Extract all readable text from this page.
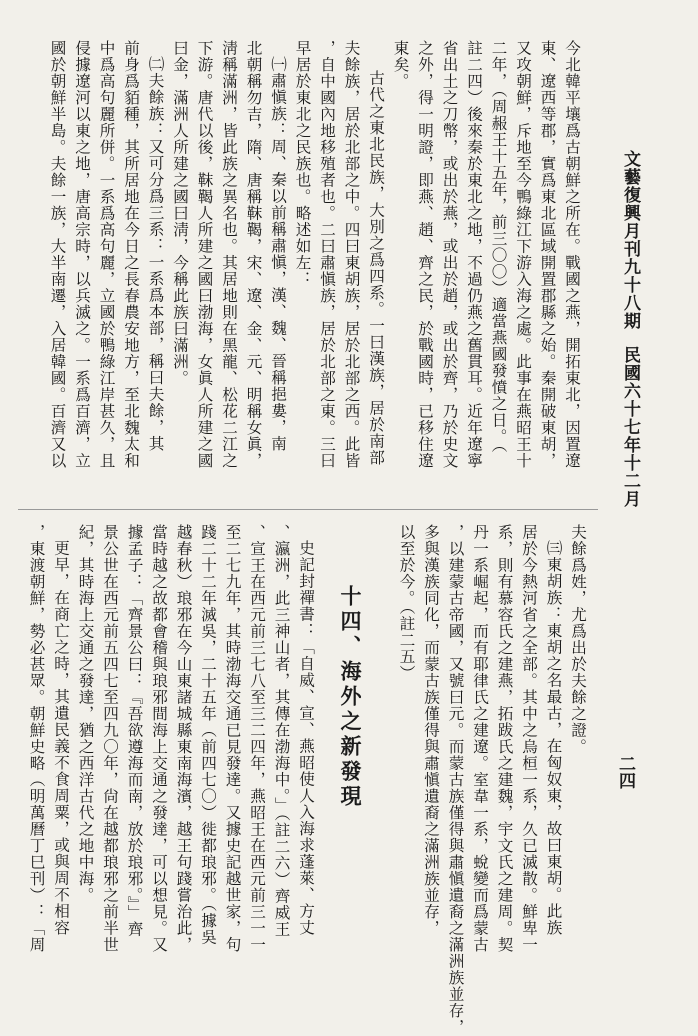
文藝復興月刊九十八期民國六十七年十二月
二四
今北韓平壤爲古朝鮮之所在。戰國之燕，開拓東北，因置遼
東、遼西等郡，實爲東北區域開置郡縣之始。秦開破東胡，
又攻朝鮮，斥地至今鴨綠江下游入海之處。此事在燕昭王十
二年，（周赧王十五年，前三〇〇）適當燕國發憤之日。（
註二四）後來秦於東北之地，不過仍燕之舊貫耳。近年遼寧
省出土之刀幣，或出於燕，或出於趙，或出於齊，乃於史文
之外，得一明證，即燕、趙、齊之民，於戰國時，已移住遼
東矣。
古代之東北民族，大別之爲四系。一曰漢族，居於南部
夫餘族，居於北部之中。四曰東胡族，居於北部之西。此皆
，自中國內地移殖者也。二曰肅愼族，居於北部之東。三曰
早居於東北之民族也。略述如左：
㈠肅愼族：周、秦以前稱肅愼，漢、魏、晉稱挹婁，南
北朝稱勿吉，隋、唐稱靺鞨，宋、遼、金、元、明稱女眞，
淸稱滿洲，皆此族之異名也。其居地則在黑龍、松花二江之
下游。唐代以後，靺鞨人所建之國曰渤海，女眞人所建之國
曰金，滿洲人所建之國曰淸，今稱此族曰滿洲。
㈡夫餘族：又可分爲三系：一系爲本部，稱曰夫餘，其
前身爲貊種，其所居地在今日之長春農安地方，至北魏太和
中爲高句麗所併。一系爲高句麗，立國於鴨綠江岸甚久，且
侵據遼河以東之地，唐高宗時，以兵滅之。一系爲百濟，立
國於朝鮮半島。夫餘一族，大半南遷，入居韓國。百濟又以
夫餘爲姓，尤爲出於夫餘之證。
㈢東胡族：東胡之名最古，在匈奴東，故曰東胡。此族
居於今熱河省之全部。其中之烏桓一系，久已滅散。鮮卑一
系，則有慕容氏之建燕，拓跋氏之建魏，宇文氏之建周。契
丹一系崛起，而有耶律氏之建遼。室韋一系，蛻變而爲蒙古
，以建蒙古帝國，又號曰元。而蒙古族僅得與肅愼遺裔之滿洲族並存，
多與漢族同化，而蒙古族僅得與肅愼遺裔之滿洲族並存，
以至於今。（註二五）
十四、海外之新發現
史記封禪書：「自威、宣、燕昭使人入海求蓬萊、方丈
、瀛洲，此三神山者，其傳在渤海中。」（註二六）齊威王
、宣王在西元前三七八至三二四年，燕昭王在西元前三一一
至二七九年，其時渤海交通已見發達。又據史記越世家，句
踐二十二年滅吳，二十五年（前四七〇）徙都琅邪。（據吳
越春秋）琅邪在今山東諸城縣東南海濱，越王句踐嘗治此，
當時越之故都會稽與琅邪間海上交通之發達，可以想見。又
據孟子：「齊景公曰：『吾欲遵海而南，放於琅邪。』」齊
景公世在西元前五四七至四九〇年，尙在越都琅邪之前半世
紀，其時海上交通之發達，猶之西洋古代之地中海。
更早，在商亡之時，其遺民義不食周粟，或與周不相容
，東渡朝鮮，勢必甚眾。朝鮮史略（明萬曆丁巳刊）：「周
